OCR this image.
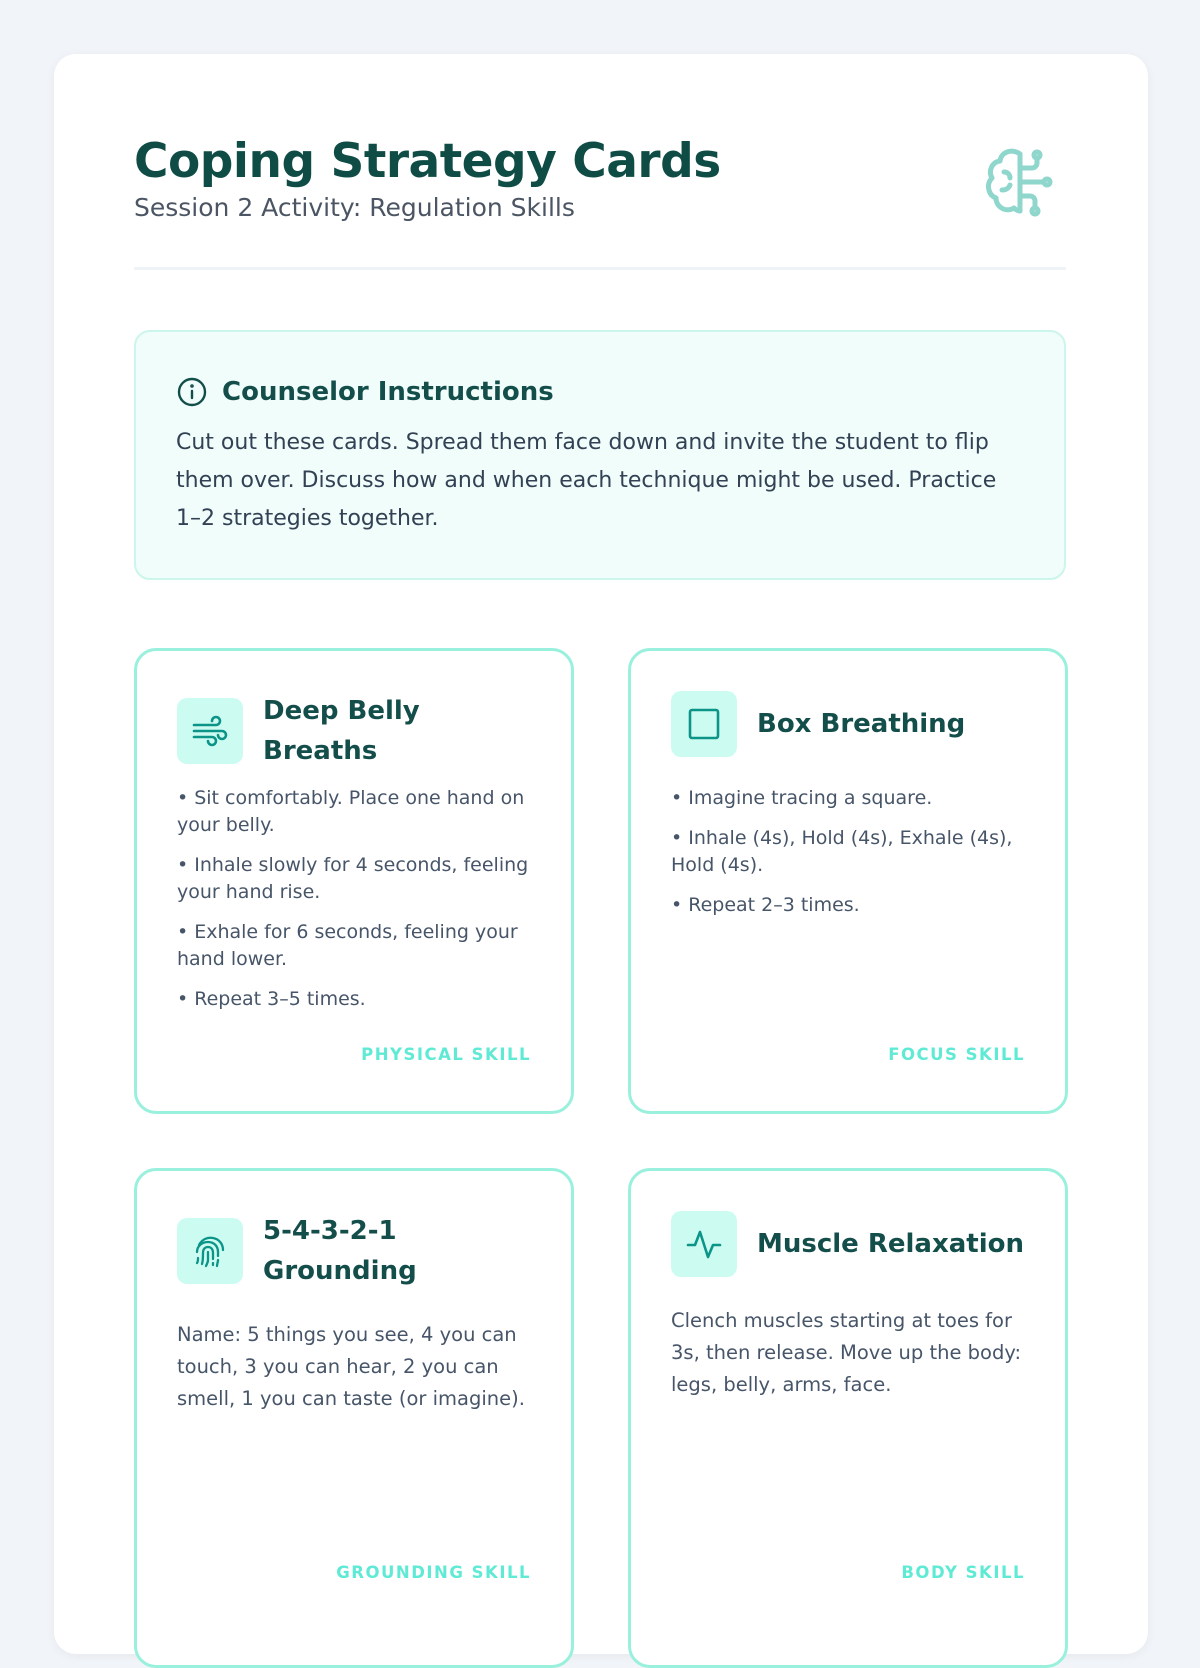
Coping Strategy Cards
Session 2 Activity: Regulation Skills
Counselor Instructions

Cut out these cards. Spread them face down and invite the student to flip them over. Discuss how and when each technique might be used. Practice 1–2 strategies together.

Deep Belly Breaths
• Sit comfortably. Place one hand on your belly.
• Inhale slowly for 4 seconds, feeling your hand rise.
• Exhale for 6 seconds, feeling your hand lower.
• Repeat 3–5 times.
PHYSICAL SKILL
Box Breathing
• Imagine tracing a square.
• Inhale (4s), Hold (4s), Exhale (4s), Hold (4s).
• Repeat 2–3 times.
FOCUS SKILL
5-4-3-2-1
Grounding

Name: 5 things you see, 4 you can touch, 3 you can hear, 2 you can smell, 1 you can taste (or imagine).

GROUNDING SKILL
Muscle Relaxation

Clench muscles starting at toes for 3s, then release. Move up the body: legs, belly, arms, face.

BODY SKILL
